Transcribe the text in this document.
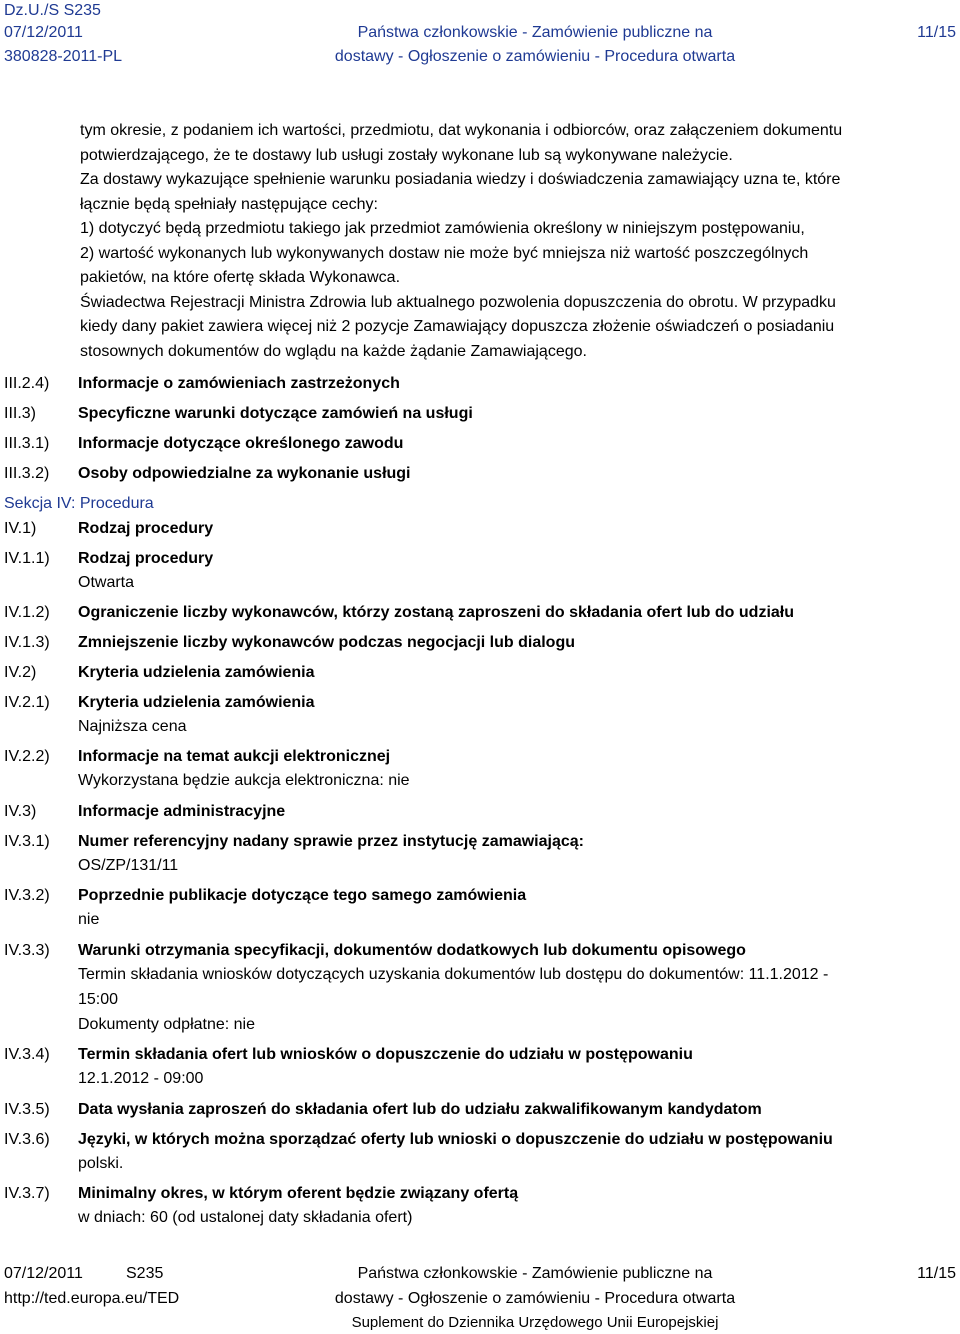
Dz.U./S S235
07/12/2011
380828-2011-PL
Państwa członkowskie - Zamówienie publiczne na
dostawy - Ogłoszenie o zamówieniu - Procedura otwarta
11/15
tym okresie, z podaniem ich wartości, przedmiotu, dat wykonania i odbiorców, oraz załączeniem dokumentu
potwierdzającego, że te dostawy lub usługi zostały wykonane lub są wykonywane należycie.
Za dostawy wykazujące spełnienie warunku posiadania wiedzy i doświadczenia zamawiający uzna te, które
łącznie będą spełniały następujące cechy:
1) dotyczyć będą przedmiotu takiego jak przedmiot zamówienia określony w niniejszym postępowaniu,
2) wartość wykonanych lub wykonywanych dostaw nie może być mniejsza niż wartość poszczególnych
pakietów, na które ofertę składa Wykonawca.
Świadectwa Rejestracji Ministra Zdrowia lub aktualnego pozwolenia dopuszczenia do obrotu. W przypadku
kiedy dany pakiet zawiera więcej niż 2 pozycje Zamawiający dopuszcza złożenie oświadczeń o posiadaniu
stosownych dokumentów do wglądu na każde żądanie Zamawiającego.
III.2.4) Informacje o zamówieniach zastrzeżonych
III.3)	Specyficzne warunki dotyczące zamówień na usługi
III.3.1) Informacje dotyczące określonego zawodu
III.3.2) Osoby odpowiedzialne za wykonanie usługi
Sekcja IV: Procedura
IV.1)	Rodzaj procedury
IV.1.1) Rodzaj procedury
Otwarta
IV.1.2) Ograniczenie liczby wykonawców, którzy zostaną zaproszeni do składania ofert lub do udziału
IV.1.3) Zmniejszenie liczby wykonawców podczas negocjacji lub dialogu
IV.2)	Kryteria udzielenia zamówienia
IV.2.1) Kryteria udzielenia zamówienia
Najniższa cena
IV.2.2) Informacje na temat aukcji elektronicznej
Wykorzystana będzie aukcja elektroniczna: nie
IV.3)	Informacje administracyjne
IV.3.1) Numer referencyjny nadany sprawie przez instytucję zamawiającą:
OS/ZP/131/11
IV.3.2) Poprzednie publikacje dotyczące tego samego zamówienia
nie
IV.3.3) Warunki otrzymania specyfikacji, dokumentów dodatkowych lub dokumentu opisowego
Termin składania wniosków dotyczących uzyskania dokumentów lub dostępu do dokumentów: 11.1.2012 -
15:00
Dokumenty odpłatne: nie
IV.3.4) Termin składania ofert lub wniosków o dopuszczenie do udziału w postępowaniu
12.1.2012 - 09:00
IV.3.5) Data wysłania zaproszeń do składania ofert lub do udziału zakwalifikowanym kandydatom
IV.3.6) Języki, w których można sporządzać oferty lub wnioski o dopuszczenie do udziału w postępowaniu
polski.
IV.3.7) Minimalny okres, w którym oferent będzie związany ofertą
w dniach: 60 (od ustalonej daty składania ofert)
07/12/2011	S235
http://ted.europa.eu/TED
Państwa członkowskie - Zamówienie publiczne na
dostawy - Ogłoszenie o zamówieniu - Procedura otwarta
Suplement do Dziennika Urzędowego Unii Europejskiej
11/15
